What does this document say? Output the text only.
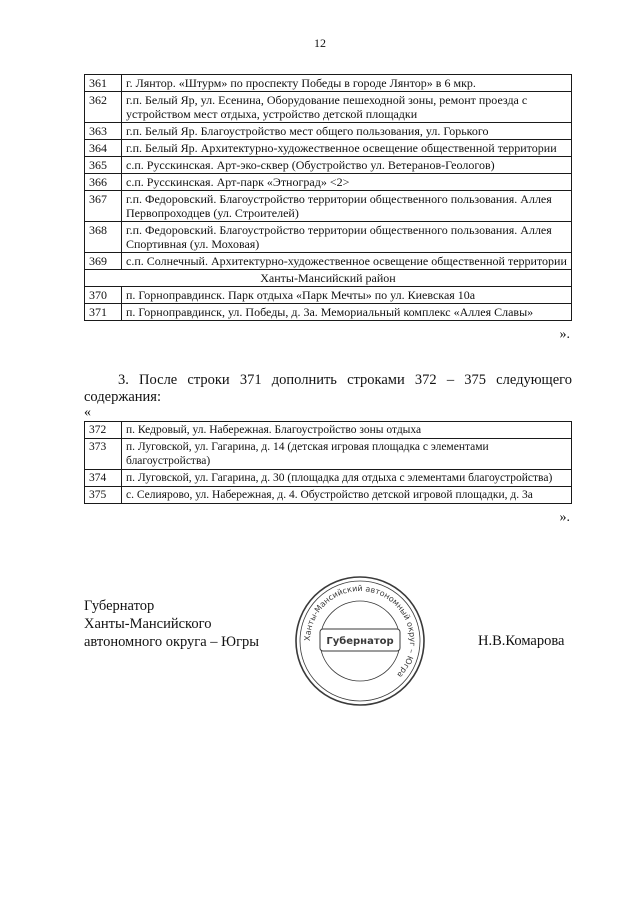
12
361	г. Лянтор. «Штурм» по проспекту Победы в городе Лянтор» в 6 мкр.
362	г.п. Белый Яр, ул. Есенина, Оборудование пешеходной зоны, ремонт проезда с устройством мест отдыха, устройство детской площадки
363	г.п. Белый Яр. Благоустройство мест общего пользования, ул. Горького
364	г.п. Белый Яр. Архитектурно-художественное освещение общественной территории
365	с.п. Русскинская. Арт-эко-сквер (Обустройство ул. Ветеранов-Геологов)
366	с.п. Русскинская. Арт-парк «Этноград» <2>
367	г.п. Федоровский. Благоустройство территории общественного пользования. Аллея Первопроходцев (ул. Строителей)
368	г.п. Федоровский. Благоустройство территории общественного пользования. Аллея Спортивная (ул. Моховая)
369	с.п. Солнечный. Архитектурно-художественное освещение общественной территории
Ханты-Мансийский район	
370	п. Горноправдинск. Парк отдыха «Парк Мечты» по ул. Киевская 10а
371	п. Горноправдинск, ул. Победы, д. 3а. Мемориальный комплекс «Аллея Славы»
».
3. После строки 371 дополнить строками 372 – 375 следующего содержания:
«
372	п. Кедровый, ул. Набережная. Благоустройство зоны отдыха
373	п. Луговской, ул. Гагарина, д. 14 (детская игровая площадка с элементами благоустройства)
374	п. Луговской, ул. Гагарина, д. 30 (площадка для отдыха с элементами благоустройства)
375	с. Селиярово, ул. Набережная, д. 4. Обустройство детской игровой площадки, д. 3а
».
Губернатор
Ханты-Мансийского
автономного округа – Югры	Ханты-Мансийский автономный округ – Югра
Губернатор	Н.В.Комарова
